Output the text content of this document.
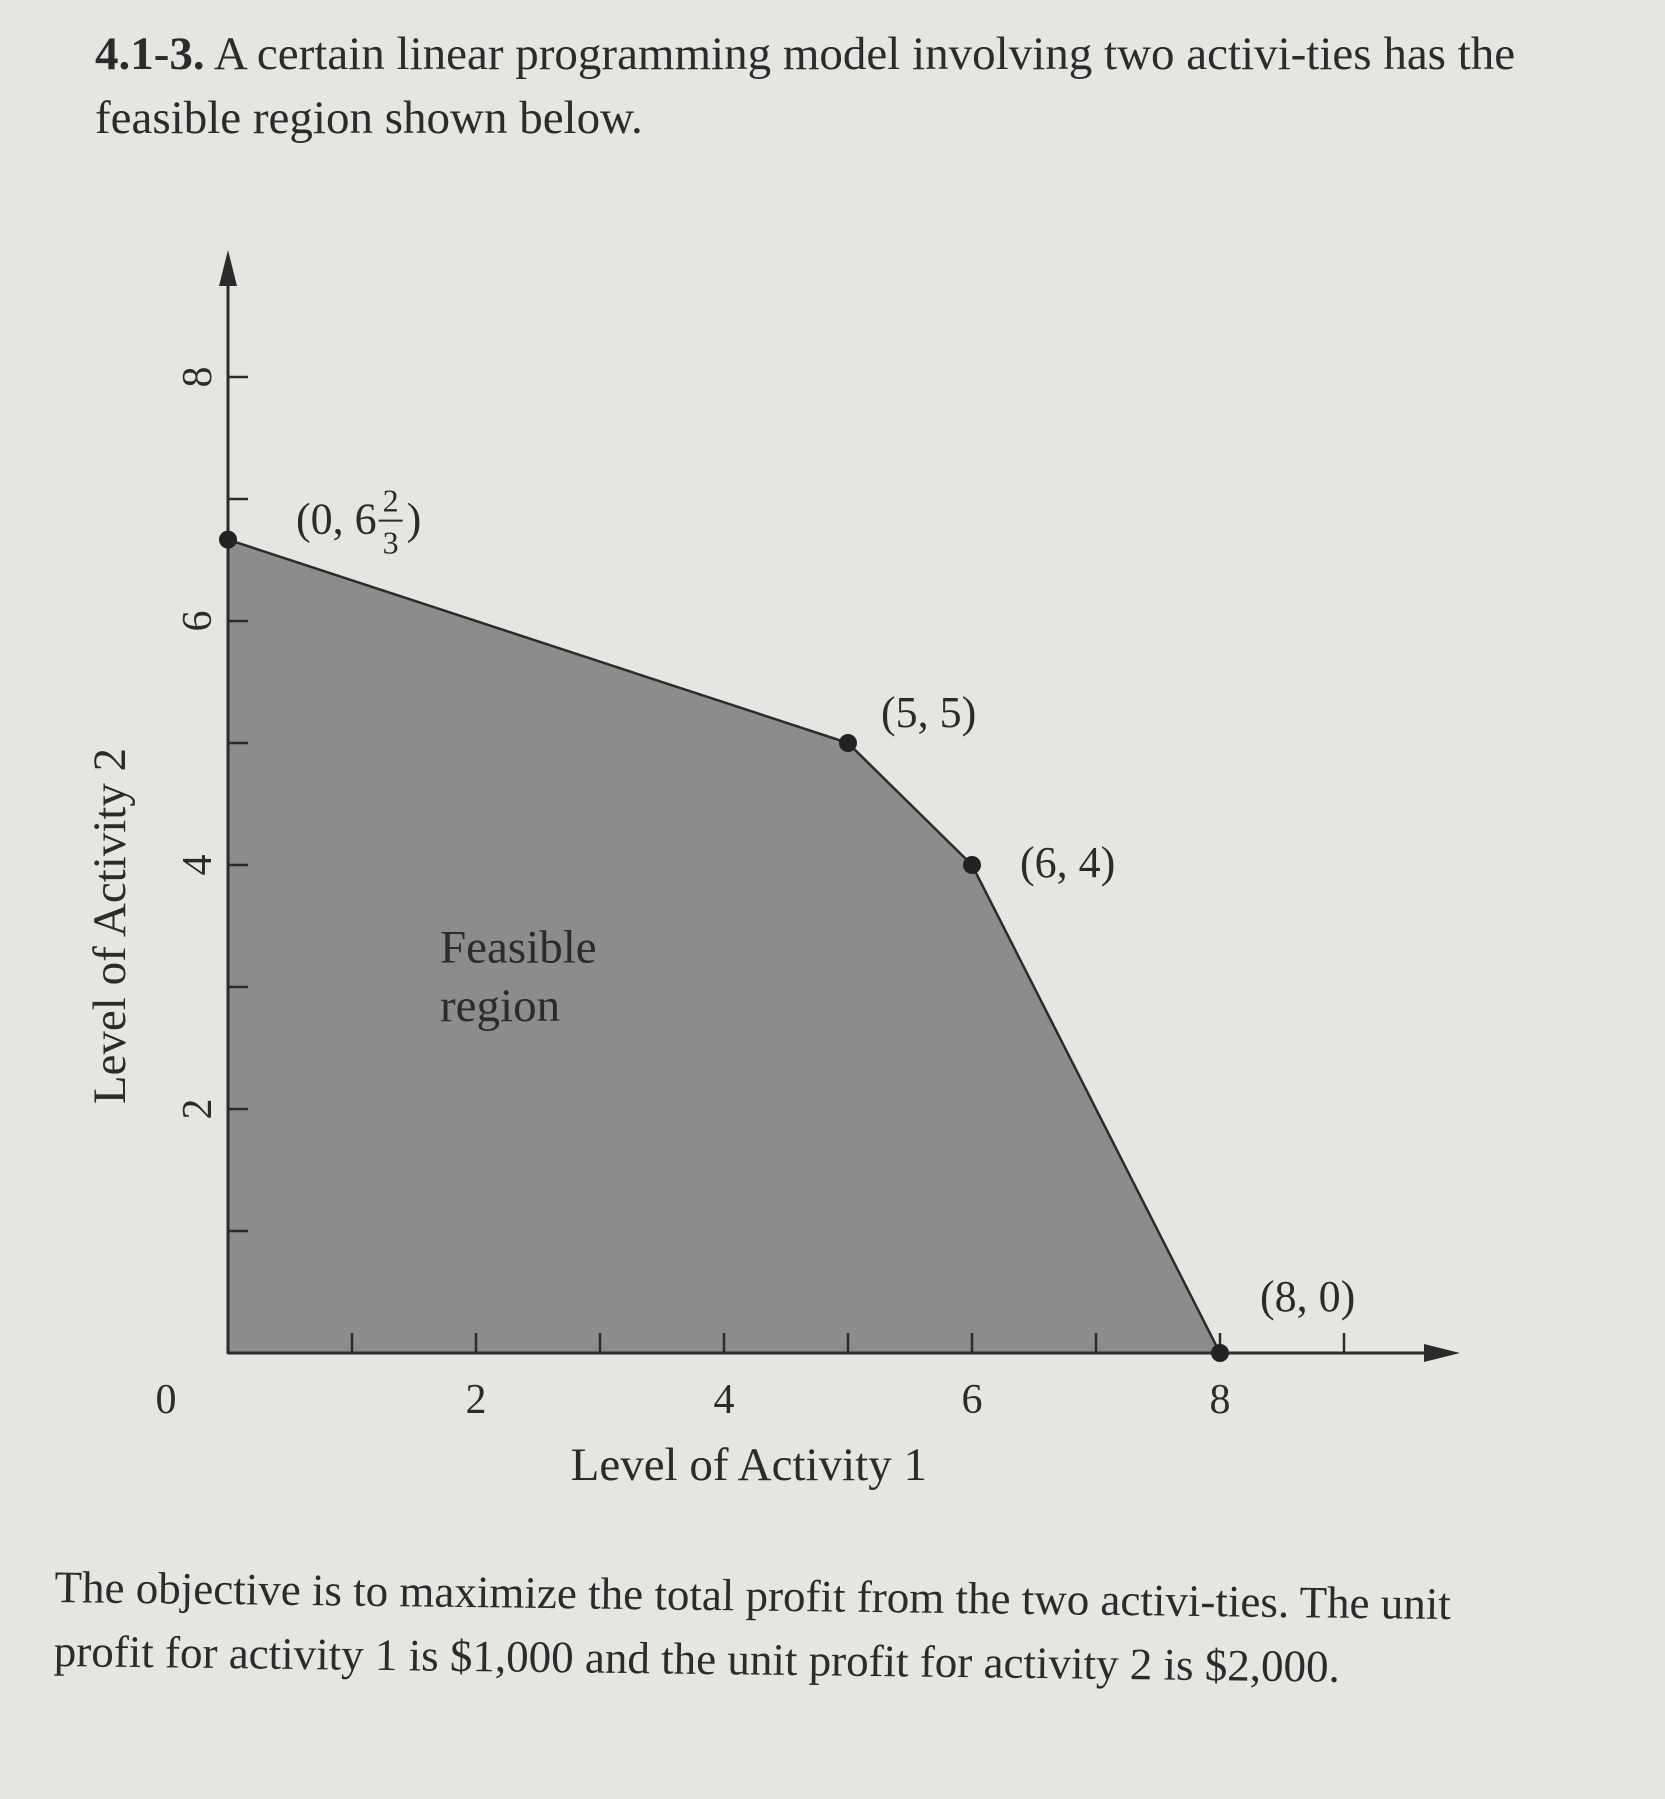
4.1-3. A certain linear programming model involving two activi-ties has the feasible region shown below.

0	2	4	6	8
2
4
6
8
Level of Activity 1
Level of Activity 2	Feasible
region
(0, 6 2
3 )
(5, 5)
(6, 4)
(8, 0)

The objective is to maximize the total profit from the two activi-ties. The unit profit for activity 1 is $1,000 and the unit profit for activity 2 is $2,000.
